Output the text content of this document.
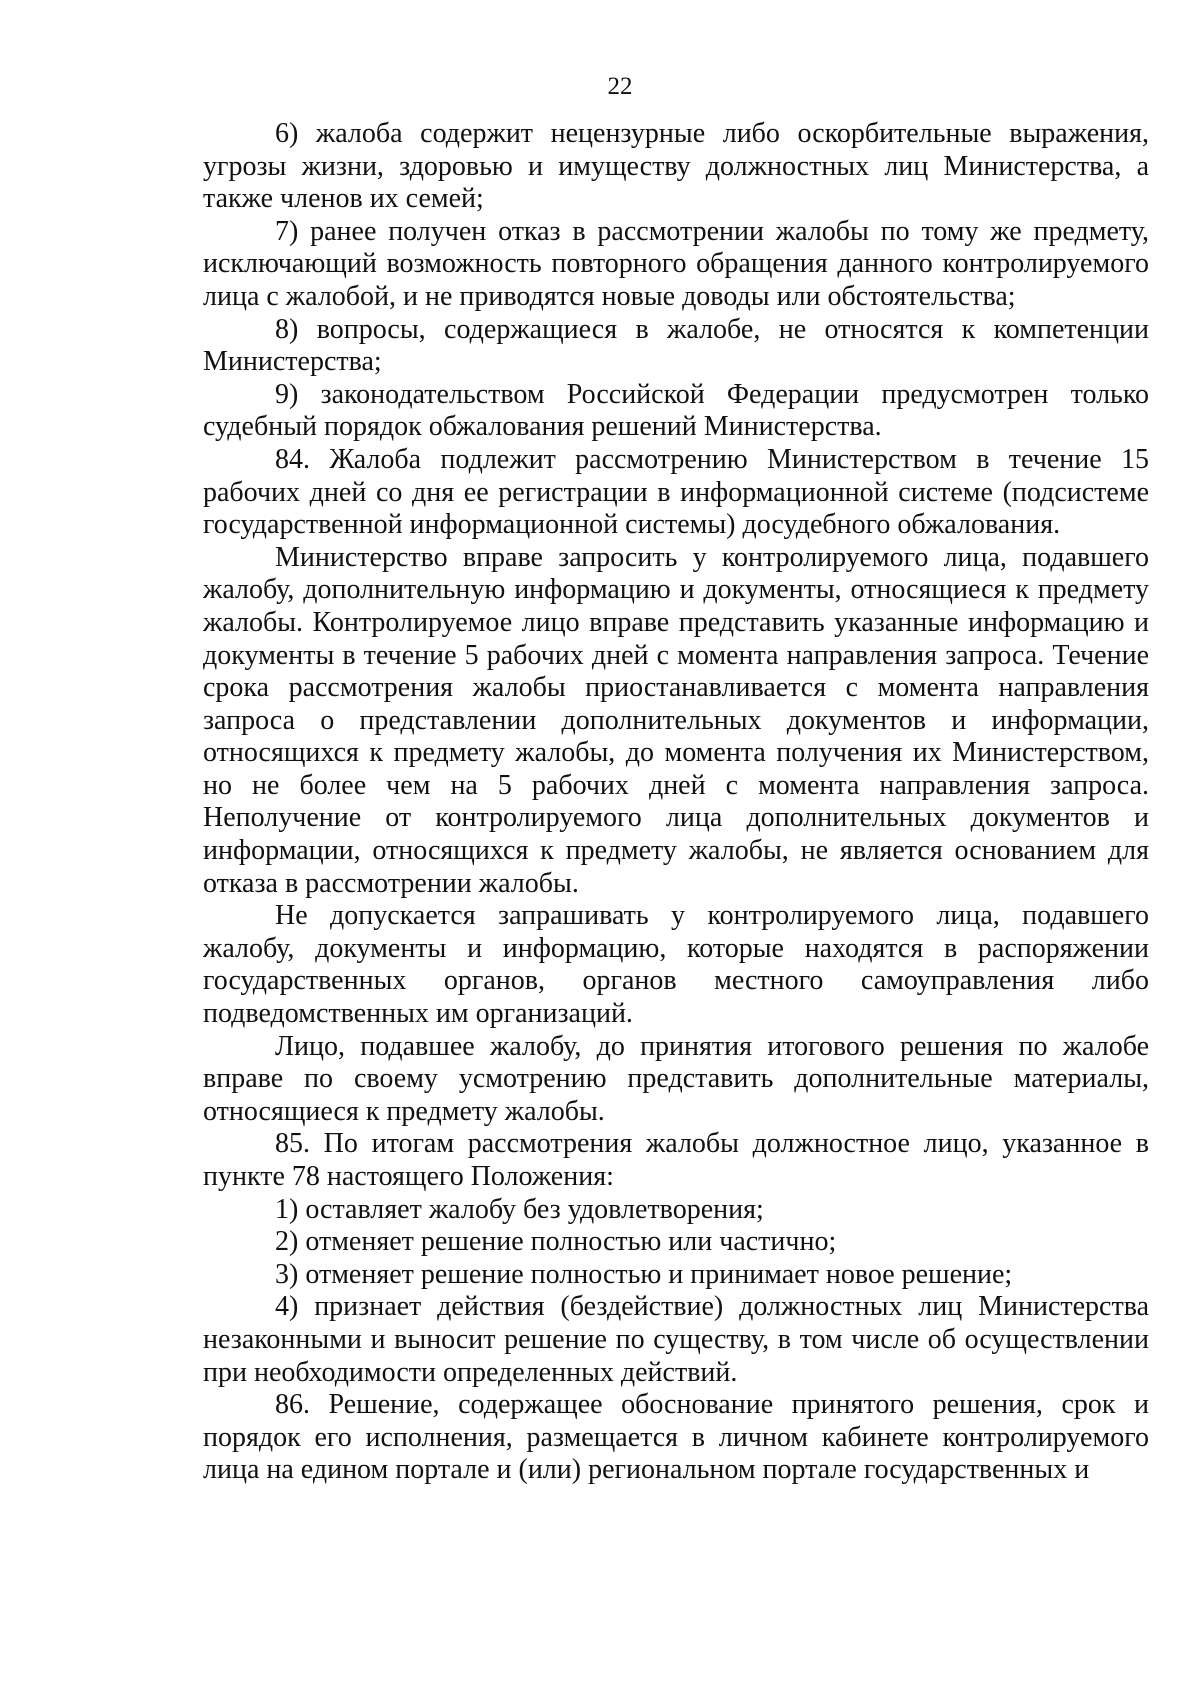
22

6) жалоба содержит нецензурные либо оскорбительные выражения, угрозы жизни, здоровью и имуществу должностных лиц Министерства, а также членов их семей;

7) ранее получен отказ в рассмотрении жалобы по тому же предмету, исключающий возможность повторного обращения данного контролируемого лица с жалобой, и не приводятся новые доводы или обстоятельства;

8) вопросы, содержащиеся в жалобе, не относятся к компетенции Министерства;

9) законодательством Российской Федерации предусмотрен только судебный порядок обжалования решений Министерства.

84. Жалоба подлежит рассмотрению Министерством в течение 15 рабочих дней со дня ее регистрации в информационной системе (подсистеме государственной информационной системы) досудебного обжалования.

Министерство вправе запросить у контролируемого лица, подавшего жалобу, дополнительную информацию и документы, относящиеся к предмету жалобы. Контролируемое лицо вправе представить указанные информацию и документы в течение 5 рабочих дней с момента направления запроса. Течение срока рассмотрения жалобы приостанавливается с момента направления запроса о представлении дополнительных документов и информации, относящихся к предмету жалобы, до момента получения их Министерством, но не более чем на 5 рабочих дней с момента направления запроса. Неполучение от контролируемого лица дополнительных документов и информации, относящихся к предмету жалобы, не является основанием для отказа в рассмотрении жалобы.

Не допускается запрашивать у контролируемого лица, подавшего жалобу, документы и информацию, которые находятся в распоряжении государственных органов, органов местного самоуправления либо подведомственных им организаций.

Лицо, подавшее жалобу, до принятия итогового решения по жалобе вправе по своему усмотрению представить дополнительные материалы, относящиеся к предмету жалобы.

85. По итогам рассмотрения жалобы должностное лицо, указанное в пункте 78 настоящего Положения:

1) оставляет жалобу без удовлетворения;

2) отменяет решение полностью или частично;

3) отменяет решение полностью и принимает новое решение;

4) признает действия (бездействие) должностных лиц Министерства незаконными и выносит решение по существу, в том числе об осуществлении при необходимости определенных действий.

86. Решение, содержащее обоснование принятого решения, срок и порядок его исполнения, размещается в личном кабинете контролируемого лица на едином портале и (или) региональном портале государственных и
